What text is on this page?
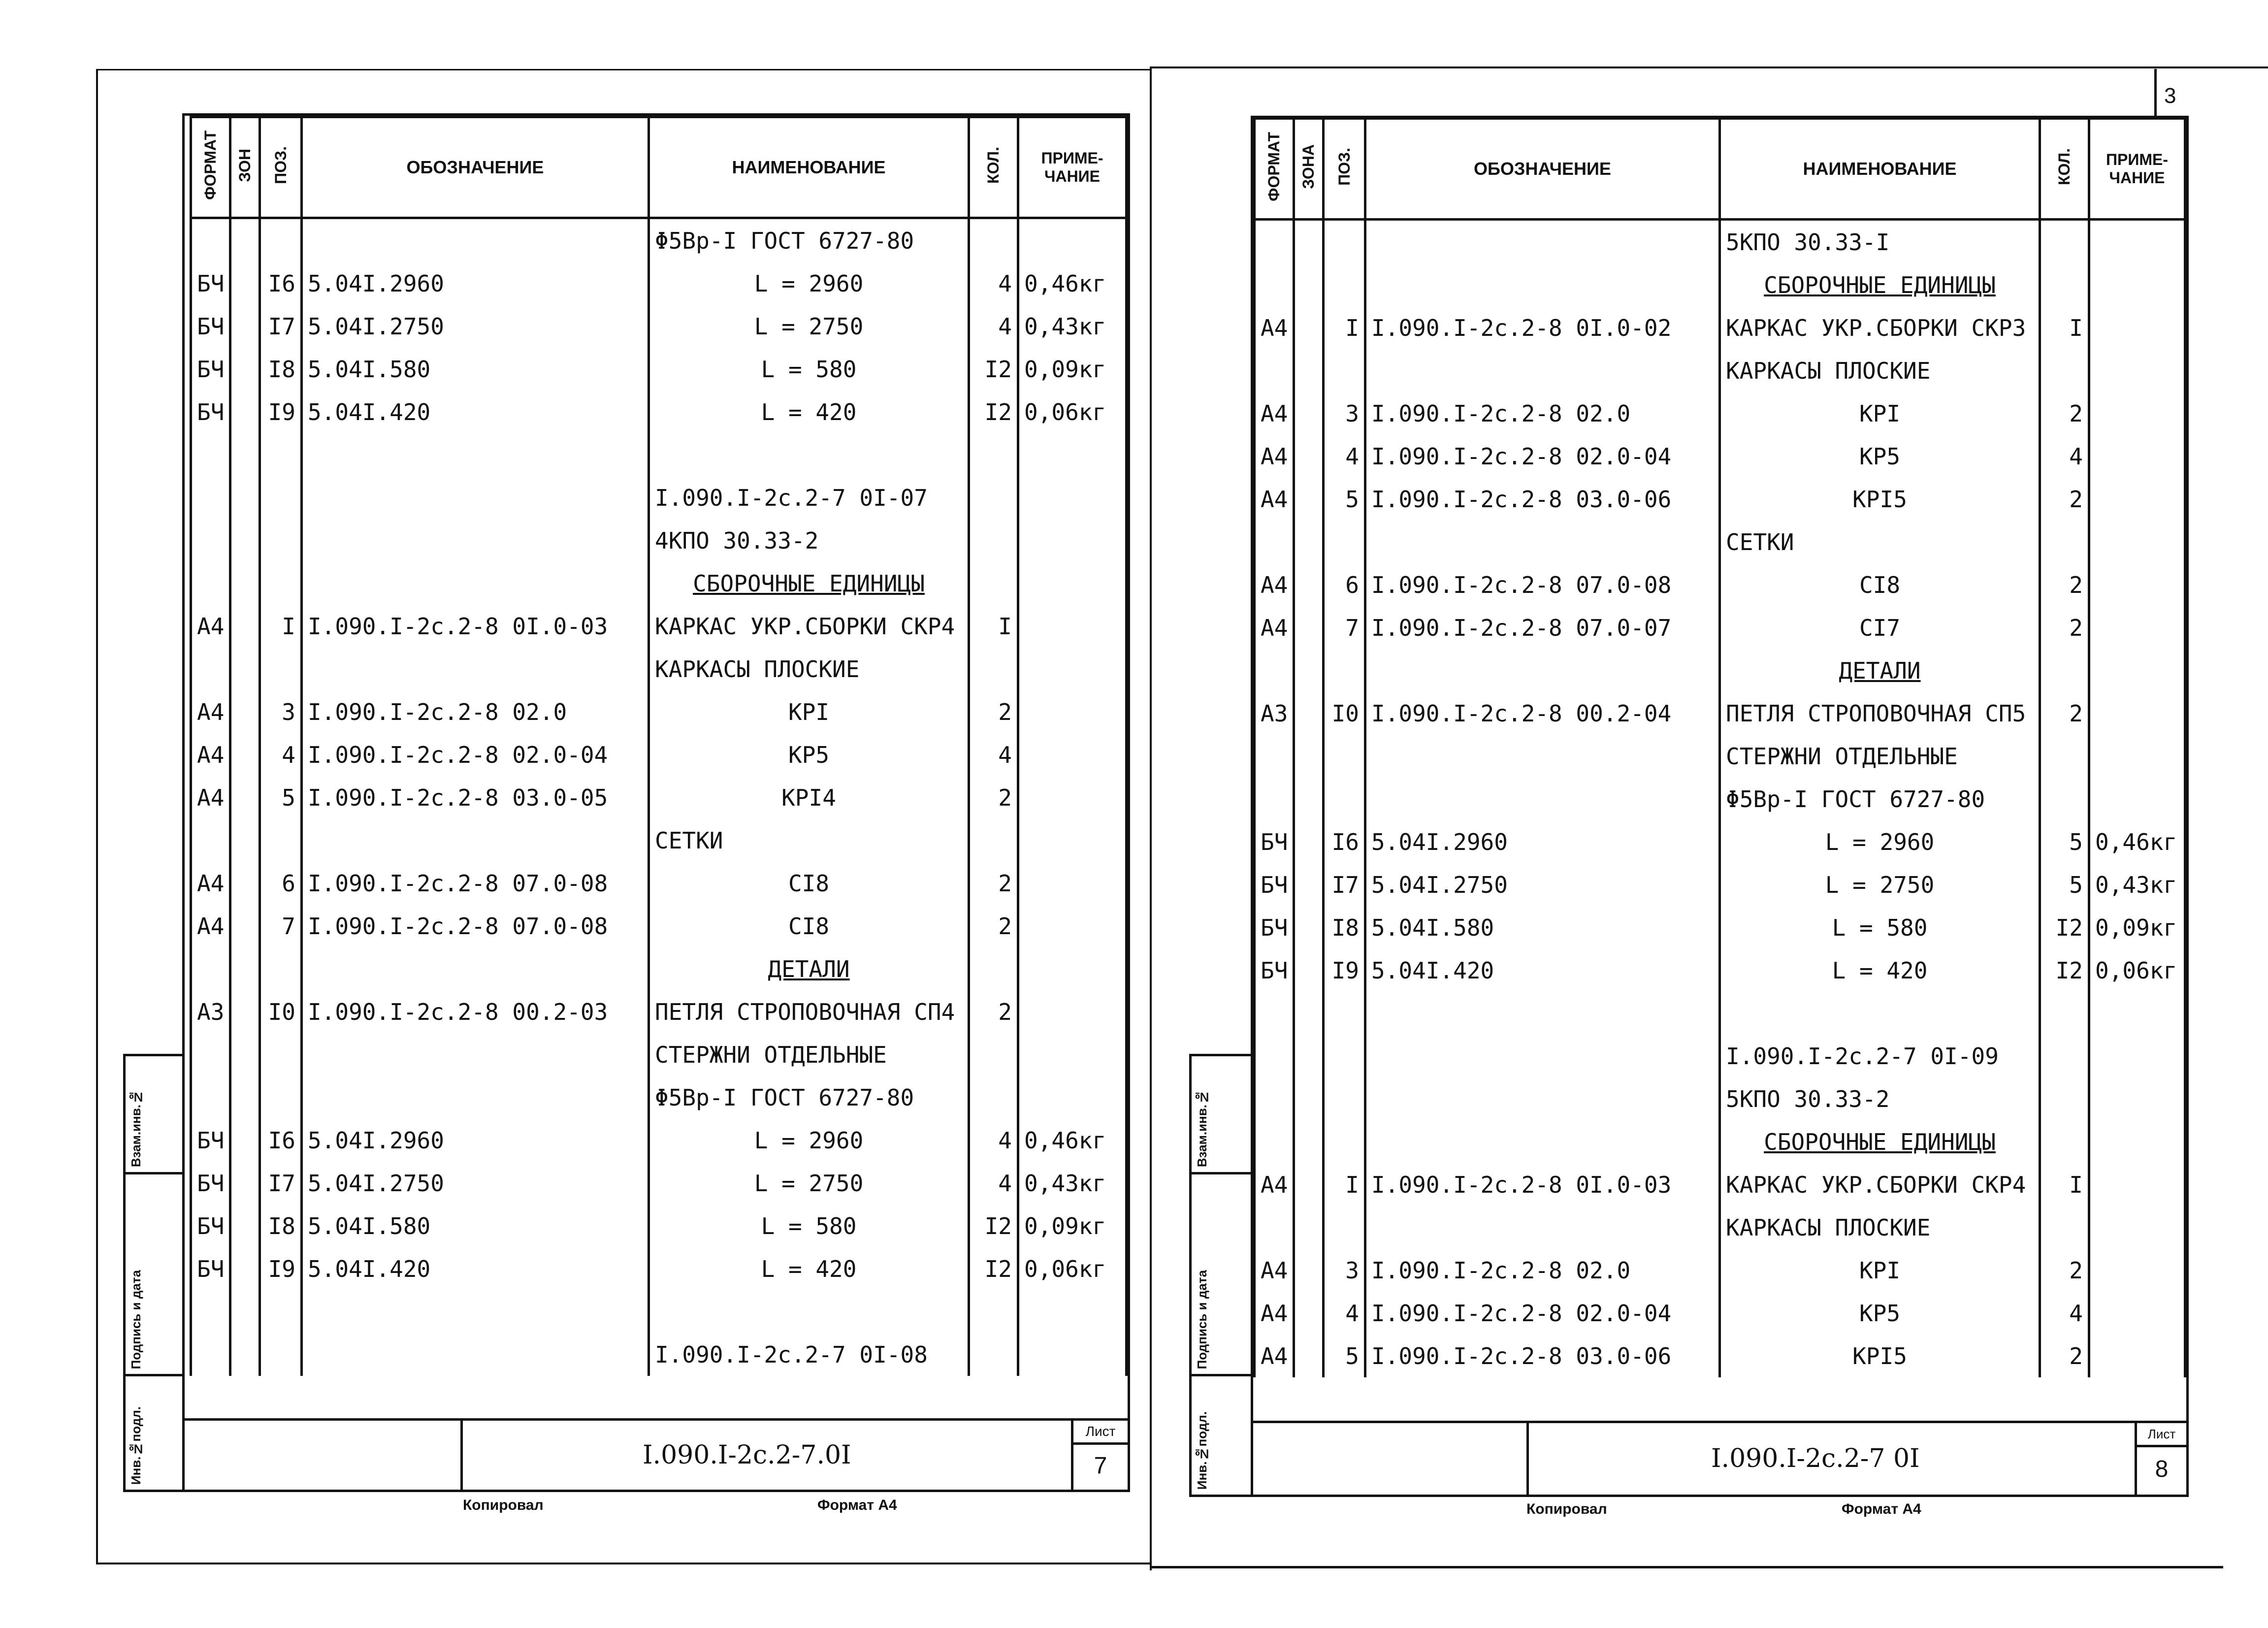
ФОРМАТ	ЗОН	ПОЗ.	ОБОЗНАЧЕНИЕ	НАИМЕНОВАНИЕ	КОЛ.	ПРИМЕ-ЧАНИЕ
				Φ5Вр-I ГОСТ 6727-80		
БЧ		I6	5.04I.2960	L = 2960	4	0,46кг
БЧ		I7	5.04I.2750	L = 2750	4	0,43кг
БЧ		I8	5.04I.580	L = 580	I2	0,09кг
БЧ		I9	5.04I.420	L = 420	I2	0,06кг

				I.090.I-2с.2-7 0I-07		
				4КПО 30.33-2		
				СБОРОЧНЫЕ ЕДИНИЦЫ		
А4		I	I.090.I-2с.2-8 0I.0-03	КАРКАС УКР.СБОРКИ СКР4	I	
				КАРКАСЫ ПЛОСКИЕ		
А4		3	I.090.I-2с.2-8 02.0	КРI	2	
А4		4	I.090.I-2с.2-8 02.0-04	КР5	4	
А4		5	I.090.I-2с.2-8 03.0-05	КРI4	2	
				СЕТКИ		
А4		6	I.090.I-2с.2-8 07.0-08	СI8	2	
А4		7	I.090.I-2с.2-8 07.0-08	СI8	2	
				ДЕТАЛИ		
А3		I0	I.090.I-2с.2-8 00.2-03	ПЕТЛЯ СТРОПОВОЧНАЯ СП4	2	
				СТЕРЖНИ ОТДЕЛЬНЫЕ		
				Φ5Вр-I ГОСТ 6727-80		
БЧ		I6	5.04I.2960	L = 2960	4	0,46кг
БЧ		I7	5.04I.2750	L = 2750	4	0,43кг
БЧ		I8	5.04I.580	L = 580	I2	0,09кг
БЧ		I9	5.04I.420	L = 420	I2	0,06кг

				I.090.I-2с.2-7 0I-08		
Инв.№подл.
Подпись и дата
Взам.инв.№
I.090.I-2с.2-7.0I
Лист
7
Копировал	Формат А4
ФОРМАТ	ЗОНА	ПОЗ.	ОБОЗНАЧЕНИЕ	НАИМЕНОВАНИЕ	КОЛ.	ПРИМЕ-ЧАНИЕ
				5КПО 30.33-I		
				СБОРОЧНЫЕ ЕДИНИЦЫ		
А4		I	I.090.I-2с.2-8 0I.0-02	КАРКАС УКР.СБОРКИ СКР3	I	
				КАРКАСЫ ПЛОСКИЕ		
А4		3	I.090.I-2с.2-8 02.0	КРI	2	
А4		4	I.090.I-2с.2-8 02.0-04	КР5	4	
А4		5	I.090.I-2с.2-8 03.0-06	КРI5	2	
				СЕТКИ		
А4		6	I.090.I-2с.2-8 07.0-08	СI8	2	
А4		7	I.090.I-2с.2-8 07.0-07	СI7	2	
				ДЕТАЛИ		
А3		I0	I.090.I-2с.2-8 00.2-04	ПЕТЛЯ СТРОПОВОЧНАЯ СП5	2	
				СТЕРЖНИ ОТДЕЛЬНЫЕ		
				Φ5Вр-I ГОСТ 6727-80		
БЧ		I6	5.04I.2960	L = 2960	5	0,46кг
БЧ		I7	5.04I.2750	L = 2750	5	0,43кг
БЧ		I8	5.04I.580	L = 580	I2	0,09кг
БЧ		I9	5.04I.420	L = 420	I2	0,06кг

				I.090.I-2с.2-7 0I-09		
				5КПО 30.33-2		
				СБОРОЧНЫЕ ЕДИНИЦЫ		
А4		I	I.090.I-2с.2-8 0I.0-03	КАРКАС УКР.СБОРКИ СКР4	I	
				КАРКАСЫ ПЛОСКИЕ		
А4		3	I.090.I-2с.2-8 02.0	КРI	2	
А4		4	I.090.I-2с.2-8 02.0-04	КР5	4	
А4		5	I.090.I-2с.2-8 03.0-06	КРI5	2	
Инв.№подл.
Подпись и дата
Взам.инв.№
I.090.I-2с.2-7 0I
Лист
8
3
Копировал	Формат А4
